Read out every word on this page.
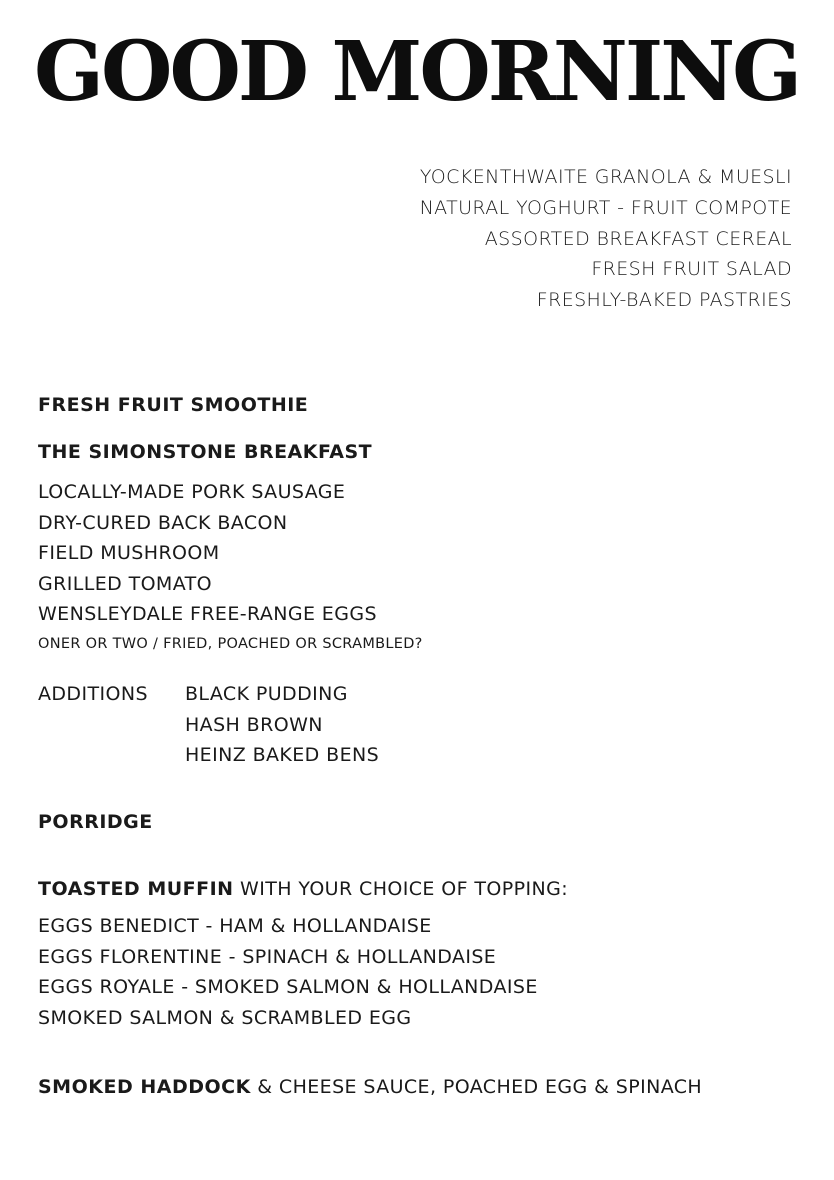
GOOD MORNING
YOCKENTHWAITE GRANOLA & MUESLI
NATURAL YOGHURT - FRUIT COMPOTE
ASSORTED BREAKFAST CEREAL
FRESH FRUIT SALAD
FRESHLY-BAKED PASTRIES
FRESH FRUIT SMOOTHIE
THE SIMONSTONE BREAKFAST
LOCALLY-MADE PORK SAUSAGE
DRY-CURED BACK BACON
FIELD MUSHROOM
GRILLED TOMATO
WENSLEYDALE FREE-RANGE EGGS
ONER OR TWO / FRIED, POACHED OR SCRAMBLED?
ADDITIONS	BLACK PUDDING
HASH BROWN
HEINZ BAKED BENS
PORRIDGE
TOASTED MUFFIN WITH YOUR CHOICE OF TOPPING:
EGGS BENEDICT - HAM & HOLLANDAISE
EGGS FLORENTINE - SPINACH & HOLLANDAISE
EGGS ROYALE - SMOKED SALMON & HOLLANDAISE
SMOKED SALMON & SCRAMBLED EGG
SMOKED HADDOCK & CHEESE SAUCE, POACHED EGG & SPINACH
